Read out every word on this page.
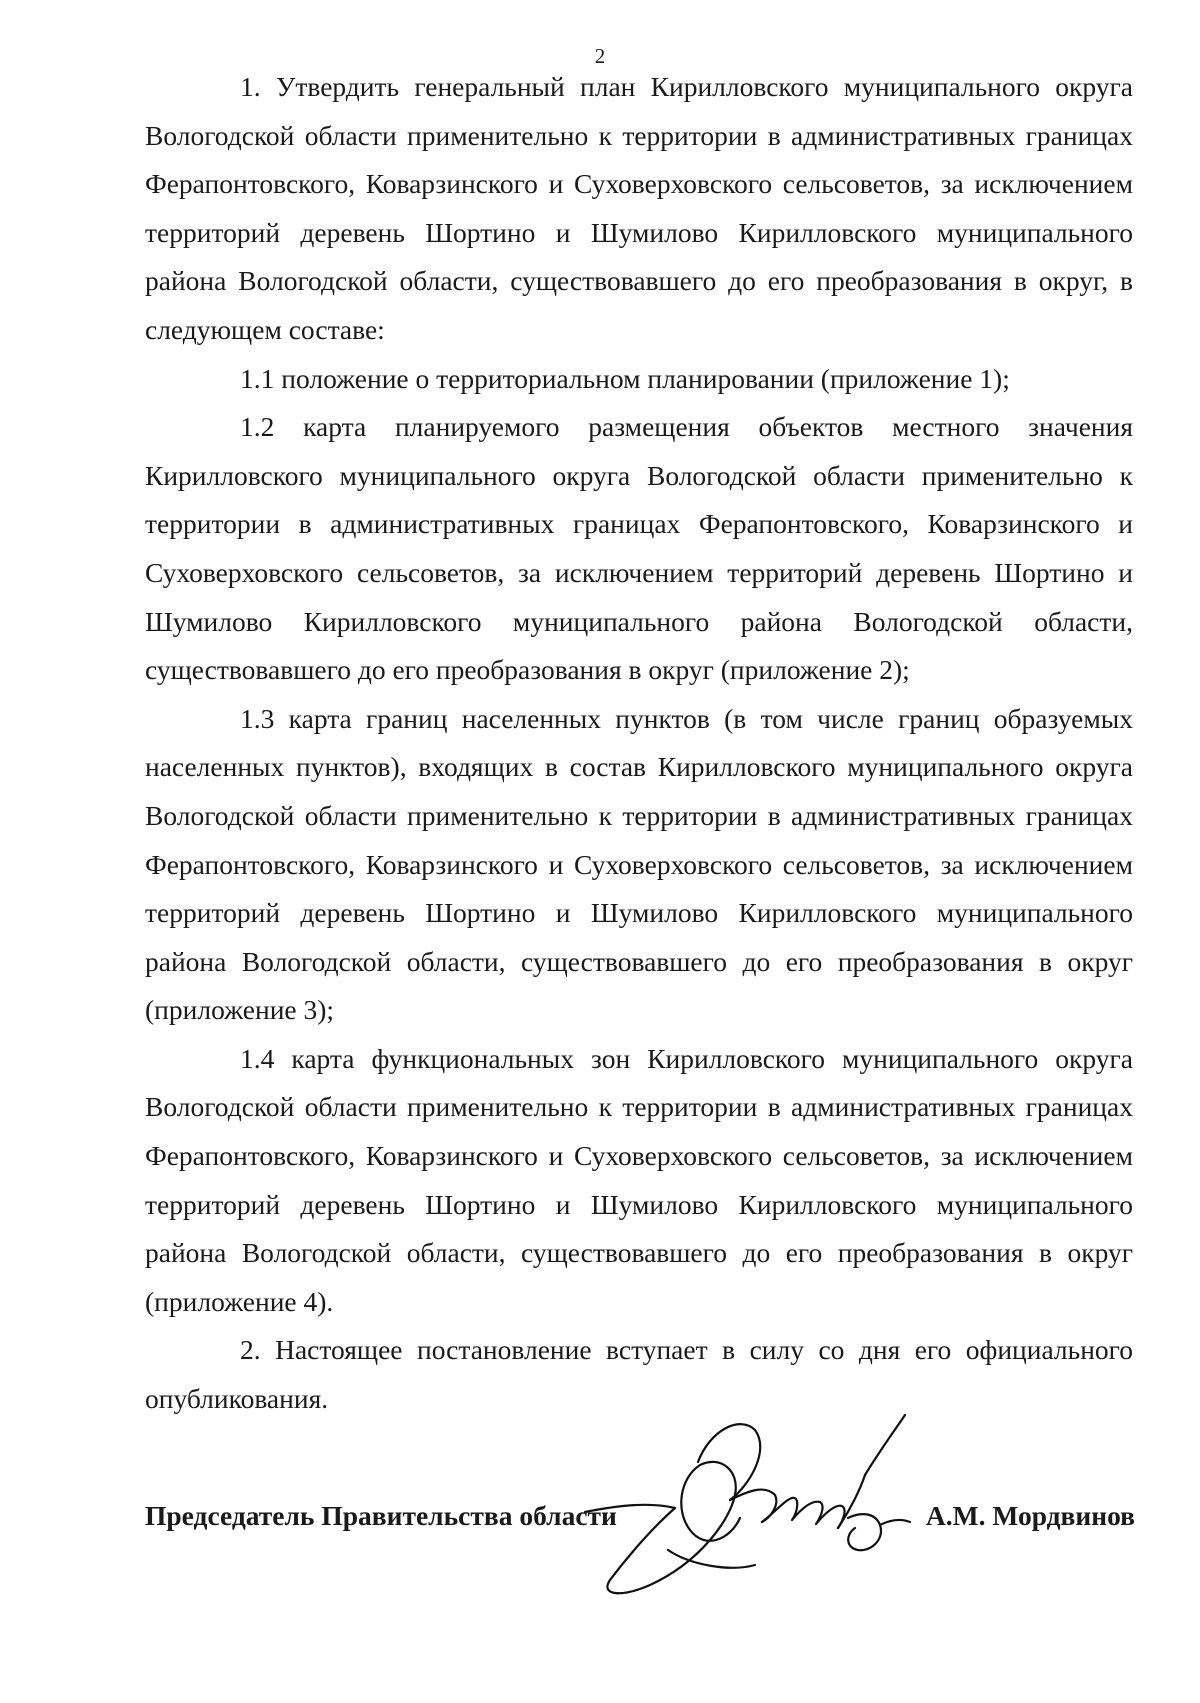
2

1. Утвердить генеральный план Кирилловского муниципального округа Вологодской области применительно к территории в административных границах Ферапонтовского, Коварзинского и Суховерховского сельсоветов, за исключением территорий деревень Шортино и Шумилово Кирилловского муниципального района Вологодской области, существовавшего до его преобразования в округ, в следующем составе:

1.1 положение о территориальном планировании (приложение 1);

1.2 карта планируемого размещения объектов местного значения Кирилловского муниципального округа Вологодской области применительно к территории в административных границах Ферапонтовского, Коварзинского и Суховерховского сельсоветов, за исключением территорий деревень Шортино и Шумилово Кирилловского муниципального района Вологодской области, существовавшего до его преобразования в округ (приложение 2);

1.3 карта границ населенных пунктов (в том числе границ образуемых населенных пунктов), входящих в состав Кирилловского муниципального округа Вологодской области применительно к территории в административных границах Ферапонтовского, Коварзинского и Суховерховского сельсоветов, за исключением территорий деревень Шортино и Шумилово Кирилловского муниципального района Вологодской области, существовавшего до его преобразования в округ (приложение 3);

1.4 карта функциональных зон Кирилловского муниципального округа Вологодской области применительно к территории в административных границах Ферапонтовского, Коварзинского и Суховерховского сельсоветов, за исключением территорий деревень Шортино и Шумилово Кирилловского муниципального района Вологодской области, существовавшего до его преобразования в округ (приложение 4).

2. Настоящее постановление вступает в силу со дня его официального опубликования.

Председатель Правительства области	А.М. Мордвинов
